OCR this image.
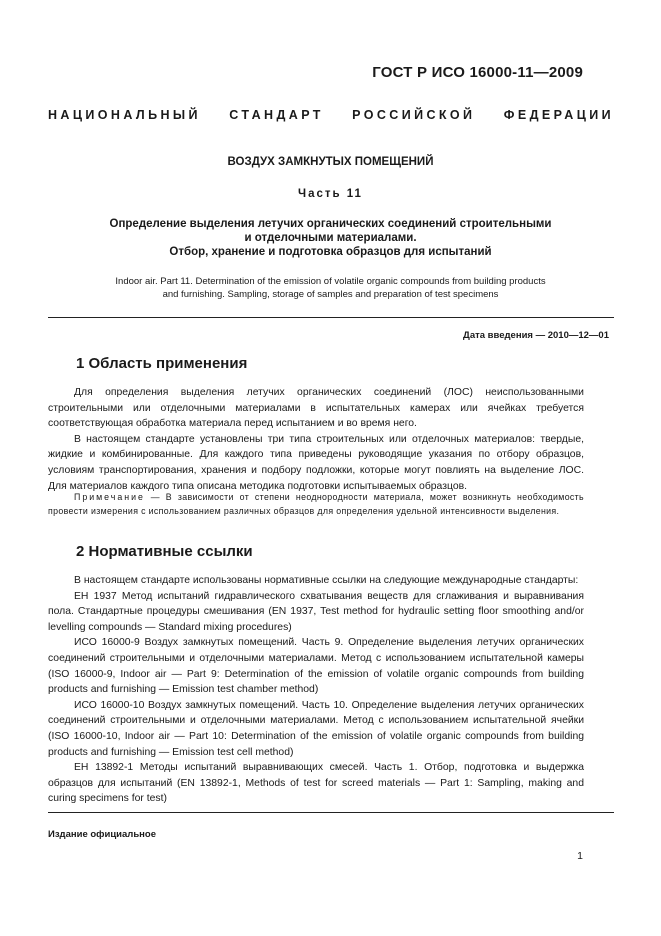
ГОСТ Р ИСО 16000-11—2009
НАЦИОНАЛЬНЫЙ СТАНДАРТ РОССИЙСКОЙ ФЕДЕРАЦИИ
ВОЗДУХ ЗАМКНУТЫХ ПОМЕЩЕНИЙ
Часть 11
Определение выделения летучих органических соединений строительными
и отделочными материалами.
Отбор, хранение и подготовка образцов для испытаний
Indoor air. Part 11. Determination of the emission of volatile organic compounds from building products
and furnishing. Sampling, storage of samples and preparation of test specimens
Дата введения — 2010—12—01
1 Область применения

Для определения выделения летучих органических соединений (ЛОС) неиспользованными строительными или отделочными материалами в испытательных камерах или ячейках требуется соответствующая обработка материала перед испытанием и во время него.

В настоящем стандарте установлены три типа строительных или отделочных материалов: твердые, жидкие и комбинированные. Для каждого типа приведены руководящие указания по отбору образцов, условиям транспортирования, хранения и подбору подложки, которые могут повлиять на выделение ЛОС. Для материалов каждого типа описана методика подготовки испытываемых образцов.

Примечание — В зависимости от степени неоднородности материала, может возникнуть необходимость провести измерения с использованием различных образцов для определения удельной интенсивности выделения.

2 Нормативные ссылки

В настоящем стандарте использованы нормативные ссылки на следующие международные стандарты:

ЕН 1937 Метод испытаний гидравлического схватывания веществ для сглаживания и выравнивания пола. Стандартные процедуры смешивания (EN 1937, Test method for hydraulic setting floor smoothing and/or levelling compounds — Standard mixing procedures)

ИСО 16000-9 Воздух замкнутых помещений. Часть 9. Определение выделения летучих органических соединений строительными и отделочными материалами. Метод с использованием испытательной камеры (ISO 16000-9, Indoor air — Part 9: Determination of the emission of volatile organic compounds from building products and furnishing — Emission test chamber method)

ИСО 16000-10 Воздух замкнутых помещений. Часть 10. Определение выделения летучих органических соединений строительными и отделочными материалами. Метод с использованием испытательной ячейки (ISO 16000-10, Indoor air — Part 10: Determination of the emission of volatile organic compounds from building products and furnishing — Emission test cell method)

ЕН 13892-1 Методы испытаний выравнивающих смесей. Часть 1. Отбор, подготовка и выдержка образцов для испытаний (EN 13892-1, Methods of test for screed materials — Part 1: Sampling, making and curing specimens for test)

Издание официальное
1
